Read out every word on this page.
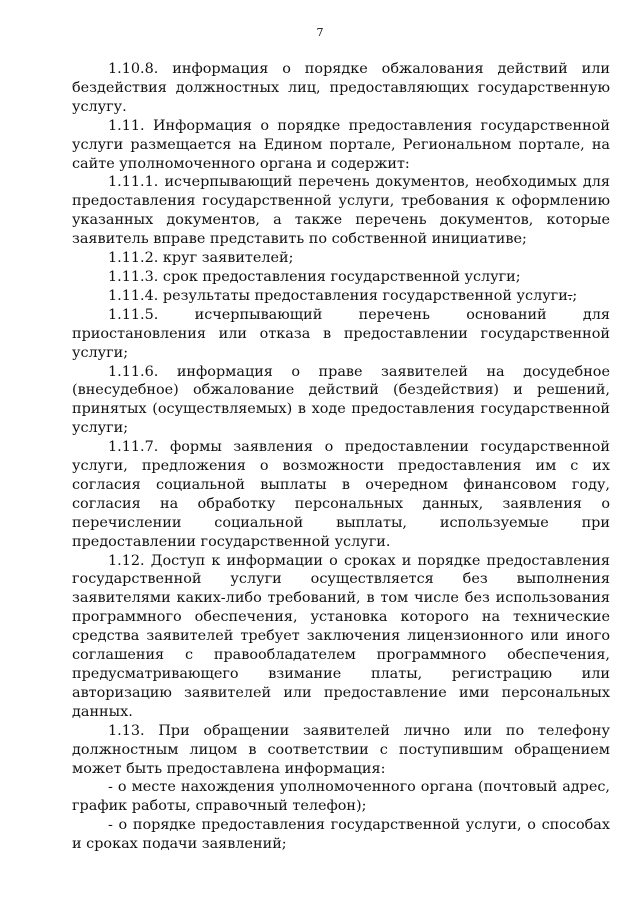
7

1.10.8. информация о порядке обжалования действий или бездействия должностных лиц, предоставляющих государственную услугу.

1.11. Информация о порядке предоставления государственной услуги размещается на Едином портале, Региональном портале, на сайте уполномоченного органа и содержит:

1.11.1. исчерпывающий перечень документов, необходимых для предоставления государственной услуги, требования к оформлению указанных документов, а также перечень документов, которые заявитель вправе представить по собственной инициативе;

1.11.2. круг заявителей;

1.11.3. срок предоставления государственной услуги;

1.11.4. результаты предоставления государственной услуги.;

1.11.5. исчерпывающий перечень оснований для приостановления или отказа в предоставлении государственной услуги;

1.11.6. информация о праве заявителей на досудебное (внесудебное) обжалование действий (бездействия) и решений, принятых (осуществляемых) в ходе предоставления государственной услуги;

1.11.7. формы заявления о предоставлении государственной услуги, предложения о возможности предоставления им с их согласия социальной выплаты в очередном финансовом году, согласия на обработку персональных данных, заявления о перечислении социальной выплаты, используемые при предоставлении государственной услуги.

1.12. Доступ к информации о сроках и порядке предоставления государственной услуги осуществляется без выполнения заявителями каких-либо требований, в том числе без использования программного обеспечения, установка которого на технические средства заявителей требует заключения лицензионного или иного соглашения с правообладателем программного обеспечения, предусматривающего взимание платы, регистрацию или авторизацию заявителей или предоставление ими персональных данных.

1.13. При обращении заявителей лично или по телефону должностным лицом в соответствии с поступившим обращением может быть предоставлена информация:

- о месте нахождения уполномоченного органа (почтовый адрес, график работы, справочный телефон);

- о порядке предоставления государственной услуги, о способах и сроках подачи заявлений;
